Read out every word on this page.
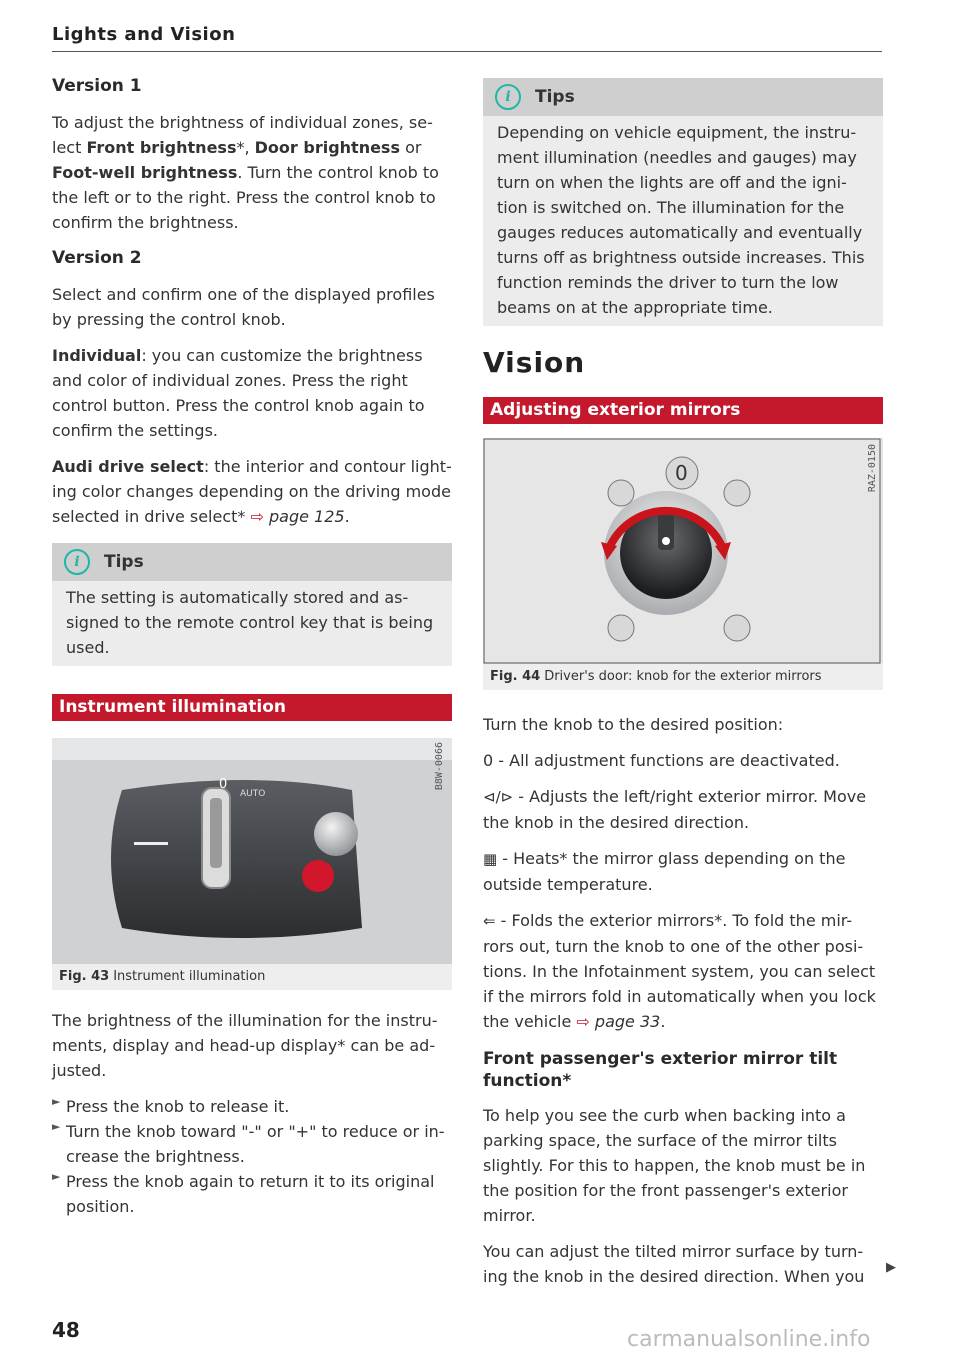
Lights and Vision
Version 1

To adjust the brightness of individual zones, se-lect Front brightness*, Door brightness or Foot-well brightness. Turn the control knob to the left or to the right. Press the control knob to confirm the brightness.

Version 2

Select and confirm one of the displayed profiles by pressing the control knob.

Individual: you can customize the brightness and color of individual zones. Press the right control button. Press the control knob again to confirm the settings.

Audi drive select: the interior and contour light-ing color changes depending on the driving mode selected in drive select* ⇨ page 125.

i	Tips

The setting is automatically stored and as-signed to the remote control key that is being used.

Instrument illumination
0
AUTO
B8W-0066
Fig. 43 Instrument illumination

The brightness of the illumination for the instru-ments, display and head-up display* can be ad-justed.

► Press the knob to release it.

► Turn the knob toward "-" or "+" to reduce or in-crease the brightness.

► Press the knob again to return it to its original position.

i	Tips

Depending on vehicle equipment, the instru-ment illumination (needles and gauges) may turn on when the lights are off and the igni-tion is switched on. The illumination for the gauges reduces automatically and eventually turns off as brightness outside increases. This function reminds the driver to turn the low beams on at the appropriate time.

Vision
Adjusting exterior mirrors
0	RAZ-0150
Fig. 44 Driver's door: knob for the exterior mirrors

Turn the knob to the desired position:

0 - All adjustment functions are deactivated.

⊲/⊳ - Adjusts the left/right exterior mirror. Move the knob in the desired direction.

▦ - Heats* the mirror glass depending on the outside temperature.

⇐ - Folds the exterior mirrors*. To fold the mir-rors out, turn the knob to one of the other posi-tions. In the Infotainment system, you can select if the mirrors fold in automatically when you lock the vehicle ⇨ page 33.

Front passenger's exterior mirror tilt function*

To help you see the curb when backing into a parking space, the surface of the mirror tilts slightly. For this to happen, the knob must be in the position for the front passenger's exterior mirror.

You can adjust the tilted mirror surface by turn-ing the knob in the desired direction. When you	▶
48	carmanualsonline.info
